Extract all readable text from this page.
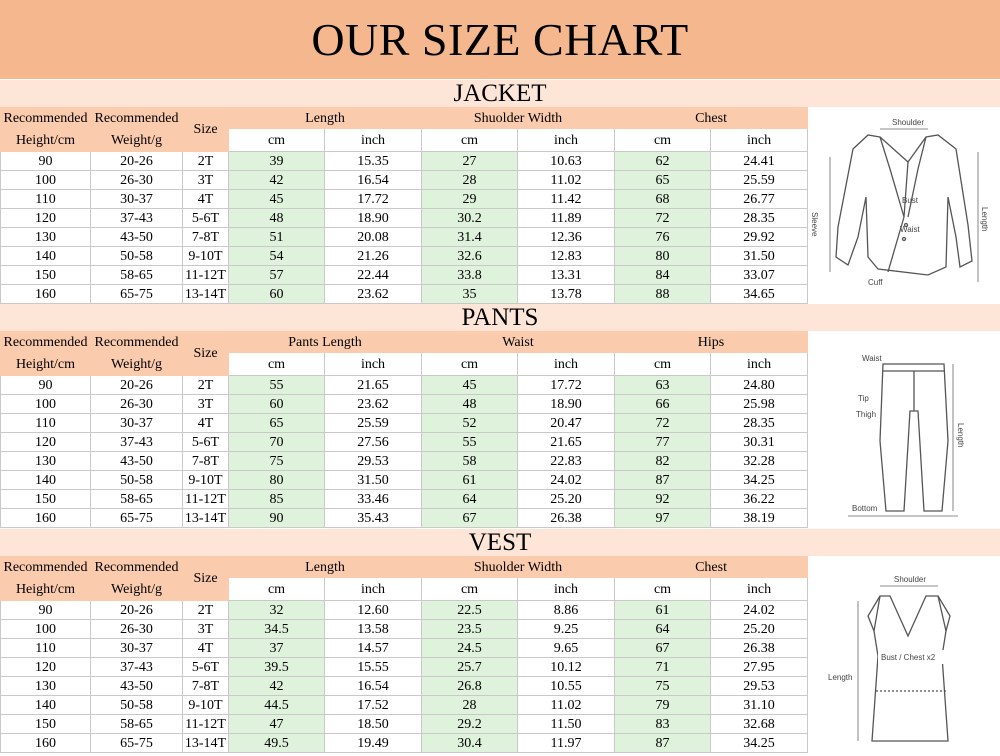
OUR SIZE CHART
JACKET
Recommended	Recommended	Size	Length		Shuolder Width		Chest	
Height/cm	Weight/g		cm	inch	cm	inch	cm	inch
90	20-26	2T	39	15.35	27	10.63	62	24.41
100	26-30	3T	42	16.54	28	11.02	65	25.59
110	30-37	4T	45	17.72	29	11.42	68	26.77
120	37-43	5-6T	48	18.90	30.2	11.89	72	28.35
130	43-50	7-8T	51	20.08	31.4	12.36	76	29.92
140	50-58	9-10T	54	21.26	32.6	12.83	80	31.50
150	58-65	11-12T	57	22.44	33.8	13.31	84	33.07
160	65-75	13-14T	60	23.62	35	13.78	88	34.65
Shoulder
Sleeve	Length
Bust
Waist
Cuff
PANTS
Recommended	Recommended	Size	Pants Length		Waist		Hips	
Height/cm	Weight/g		cm	inch	cm	inch	cm	inch
90	20-26	2T	55	21.65	45	17.72	63	24.80
100	26-30	3T	60	23.62	48	18.90	66	25.98
110	30-37	4T	65	25.59	52	20.47	72	28.35
120	37-43	5-6T	70	27.56	55	21.65	77	30.31
130	43-50	7-8T	75	29.53	58	22.83	82	32.28
140	50-58	9-10T	80	31.50	61	24.02	87	34.25
150	58-65	11-12T	85	33.46	64	25.20	92	36.22
160	65-75	13-14T	90	35.43	67	26.38	97	38.19
Waist
Tip
Thigh
Length
Bottom
VEST
Recommended	Recommended	Size	Length		Shuolder Width		Chest	
Height/cm	Weight/g		cm	inch	cm	inch	cm	inch
90	20-26	2T	32	12.60	22.5	8.86	61	24.02
100	26-30	3T	34.5	13.58	23.5	9.25	64	25.20
110	30-37	4T	37	14.57	24.5	9.65	67	26.38
120	37-43	5-6T	39.5	15.55	25.7	10.12	71	27.95
130	43-50	7-8T	42	16.54	26.8	10.55	75	29.53
140	50-58	9-10T	44.5	17.52	28	11.02	79	31.10
150	58-65	11-12T	47	18.50	29.2	11.50	83	32.68
160	65-75	13-14T	49.5	19.49	30.4	11.97	87	34.25
Shoulder
Bust / Chest x2
Length
